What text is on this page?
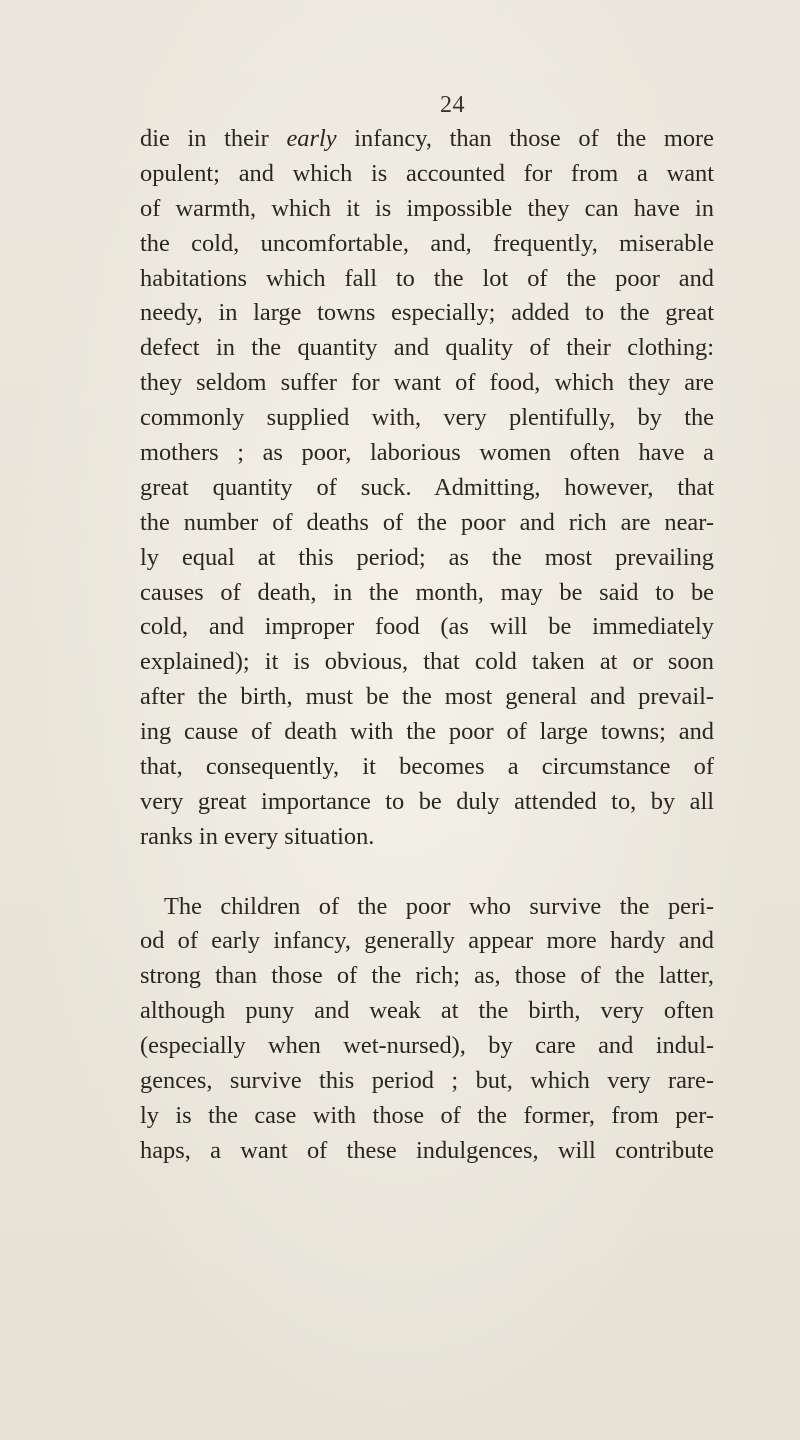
24
die in their early infancy, than those of the more
opulent; and which is accounted for from a want
of warmth, which it is impossible they can have in
the cold, uncomfortable, and, frequently, miserable
habitations which fall to the lot of the poor and
needy, in large towns especially; added to the great
defect in the quantity and quality of their clothing:
they seldom suffer for want of food, which they are
commonly supplied with, very plentifully, by the
mothers ; as poor, laborious women often have a
great quantity of suck. Admitting, however, that
the number of deaths of the poor and rich are near-
ly equal at this period; as the most prevailing
causes of death, in the month, may be said to be
cold, and improper food (as will be immediately
explained); it is obvious, that cold taken at or soon
after the birth, must be the most general and prevail-
ing cause of death with the poor of large towns; and
that, consequently, it becomes a circumstance of
very great importance to be duly attended to, by all
ranks in every situation.
The children of the poor who survive the peri-
od of early infancy, generally appear more hardy and
strong than those of the rich; as, those of the latter,
although puny and weak at the birth, very often
(especially when wet-nursed), by care and indul-
gences, survive this period ; but, which very rare-
ly is the case with those of the former, from per-
haps, a want of these indulgences, will contribute
